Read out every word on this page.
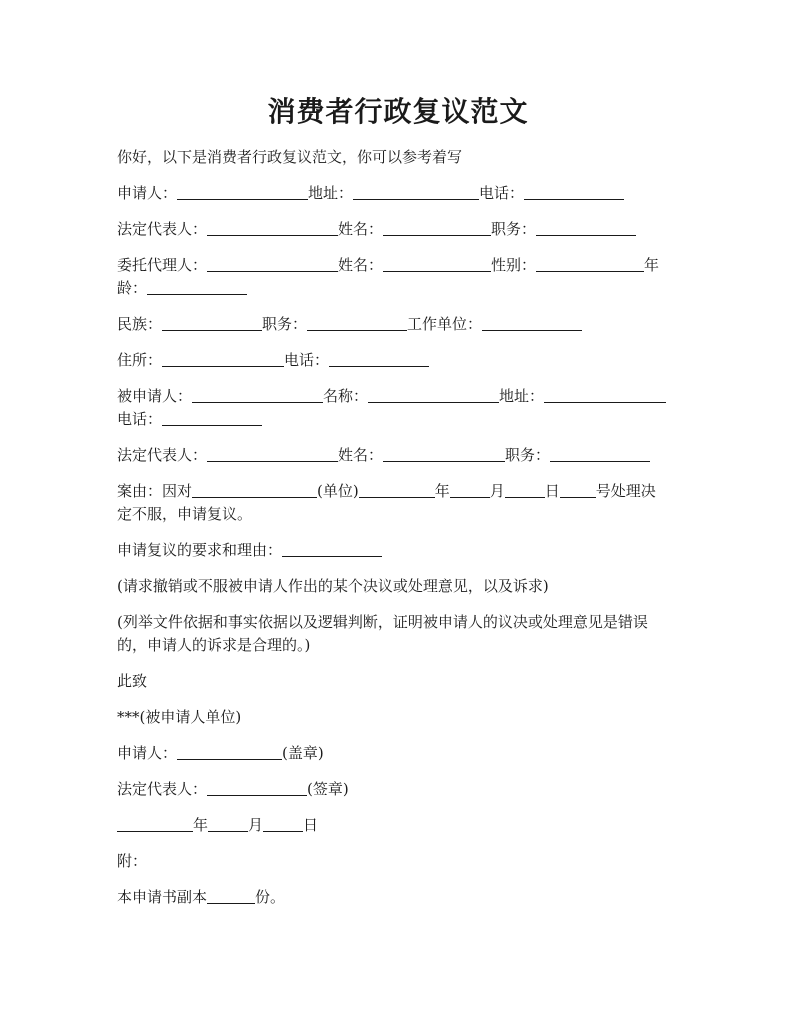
消费者行政复议范文

你好，以下是消费者行政复议范文，你可以参考着写

申请人：	地址：	电话：

法定代表人：	姓名：	职务：

委托代理人：	姓名：	性别：	年
龄：

民族：	职务：	工作单位：

住所：	电话：

被申请人：	名称：	地址：
电话：

法定代表人：	姓名：	职务：

案由：因对	(单位)	年	月	日 号处理决
定不服，申请复议。

申请复议的要求和理由：

(请求撤销或不服被申请人作出的某个决议或处理意见，以及诉求)

(列举文件依据和事实依据以及逻辑判断，证明被申请人的议决或处理意见是错误的，申请人的诉求是合理的。)

此致

***(被申请人单位)

申请人：	(盖章)

法定代表人：	(签章)

年	月	日

附：

本申请书副本	份。
